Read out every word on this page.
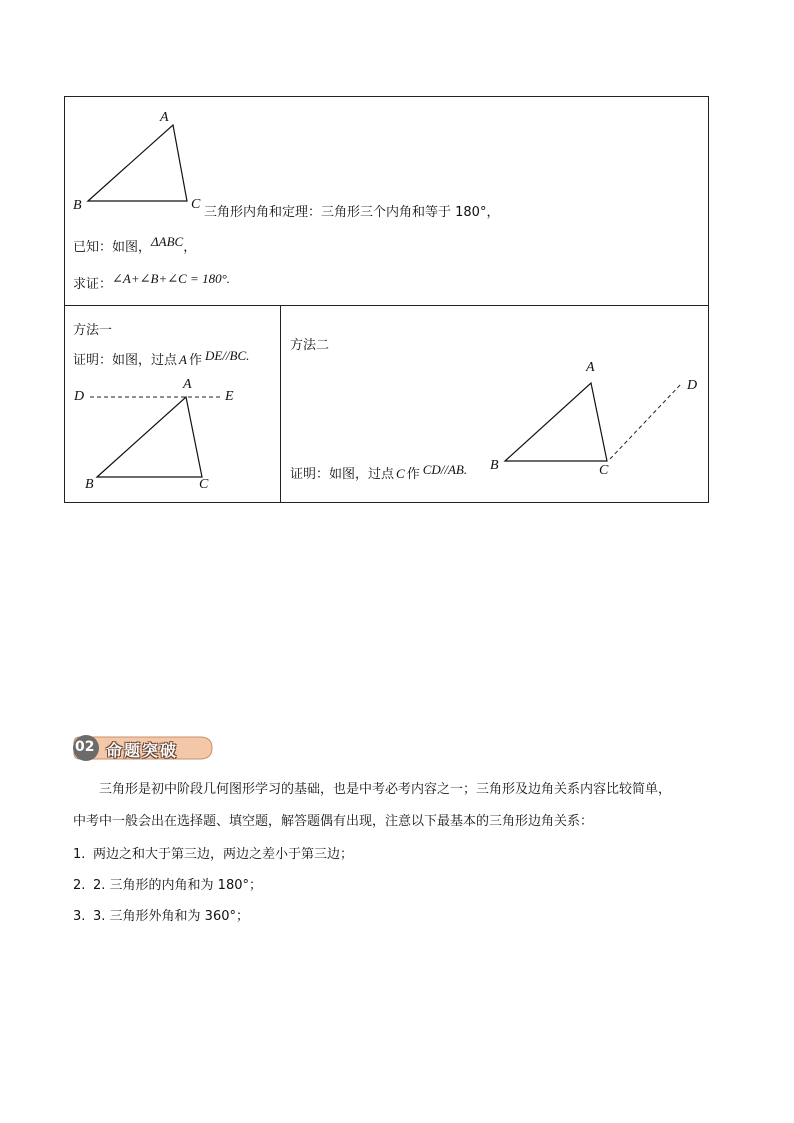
A
B	C
三角形内角和定理：三角形三个内角和等于 180°，
已知：如图，ΔABC，
求证：∠A+∠B+∠C = 180°.
方法一
证明：如图，过点 A 作 DE//BC.
D
A
E
B	C
方法二
A
B	C
D
证明：如图，过点 C 作 CD//AB.
02 命题突破
三角形是初中阶段几何图形学习的基础，也是中考必考内容之一；三角形及边角关系内容比较简单，
中考中一般会出在选择题、填空题，解答题偶有出现，注意以下最基本的三角形边角关系：
1. 两边之和大于第三边，两边之差小于第三边；
2. 2. 三角形的内角和为 180°；
3. 3. 三角形外角和为 360°；
